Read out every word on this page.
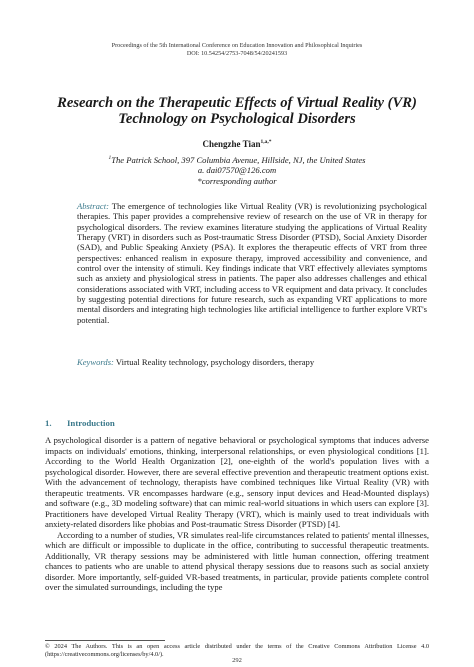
Proceedings of the 5th International Conference on Education Innovation and Philosophical Inquiries
DOI: 10.54254/2753-7048/54/20241593
Research on the Therapeutic Effects of Virtual Reality (VR)
Technology on Psychological Disorders
Chengzhe Tian$^{1,a,*}$
$^1$The Patrick School, 397 Columbia Avenue, Hillside, NJ, the United States
a. dai07570@126.com
*corresponding author
Abstract: The emergence of technologies like Virtual Reality (VR) is revolutionizing psychological therapies. This paper provides a comprehensive review of research on the use of VR in therapy for psychological disorders. The review examines literature studying the applications of Virtual Reality Therapy (VRT) in disorders such as Post-traumatic Stress Disorder (PTSD), Social Anxiety Disorder (SAD), and Public Speaking Anxiety (PSA). It explores the therapeutic effects of VRT from three perspectives: enhanced realism in exposure therapy, improved accessibility and convenience, and control over the intensity of stimuli. Key findings indicate that VRT effectively alleviates symptoms such as anxiety and physiological stress in patients. The paper also addresses challenges and ethical considerations associated with VRT, including access to VR equipment and data privacy. It concludes by suggesting potential directions for future research, such as expanding VRT applications to more mental disorders and integrating high technologies like artificial intelligence to further explore VRT's potential.
Keywords: Virtual Reality technology, psychology disorders, therapy
1. Introduction

A psychological disorder is a pattern of negative behavioral or psychological symptoms that induces adverse impacts on individuals' emotions, thinking, interpersonal relationships, or even physiological conditions [1]. According to the World Health Organization [2], one-eighth of the world's population lives with a psychological disorder. However, there are several effective prevention and therapeutic treatment options exist. With the advancement of technology, therapists have combined techniques like Virtual Reality (VR) with therapeutic treatments. VR encompasses hardware (e.g., sensory input devices and Head-Mounted displays) and software (e.g., 3D modeling software) that can mimic real-world situations in which users can explore [3]. Practitioners have developed Virtual Reality Therapy (VRT), which is mainly used to treat individuals with anxiety-related disorders like phobias and Post-traumatic Stress Disorder (PTSD) [4].

According to a number of studies, VR simulates real-life circumstances related to patients' mental illnesses, which are difficult or impossible to duplicate in the office, contributing to successful therapeutic treatments. Additionally, VR therapy sessions may be administered with little human connection, offering treatment chances to patients who are unable to attend physical therapy sessions due to reasons such as social anxiety disorder. More importantly, self-guided VR-based treatments, in particular, provide patients complete control over the simulated surroundings, including the type

© 2024 The Authors. This is an open access article distributed under the terms of the Creative Commons Attribution License 4.0 (https://creativecommons.org/licenses/by/4.0/).
292
